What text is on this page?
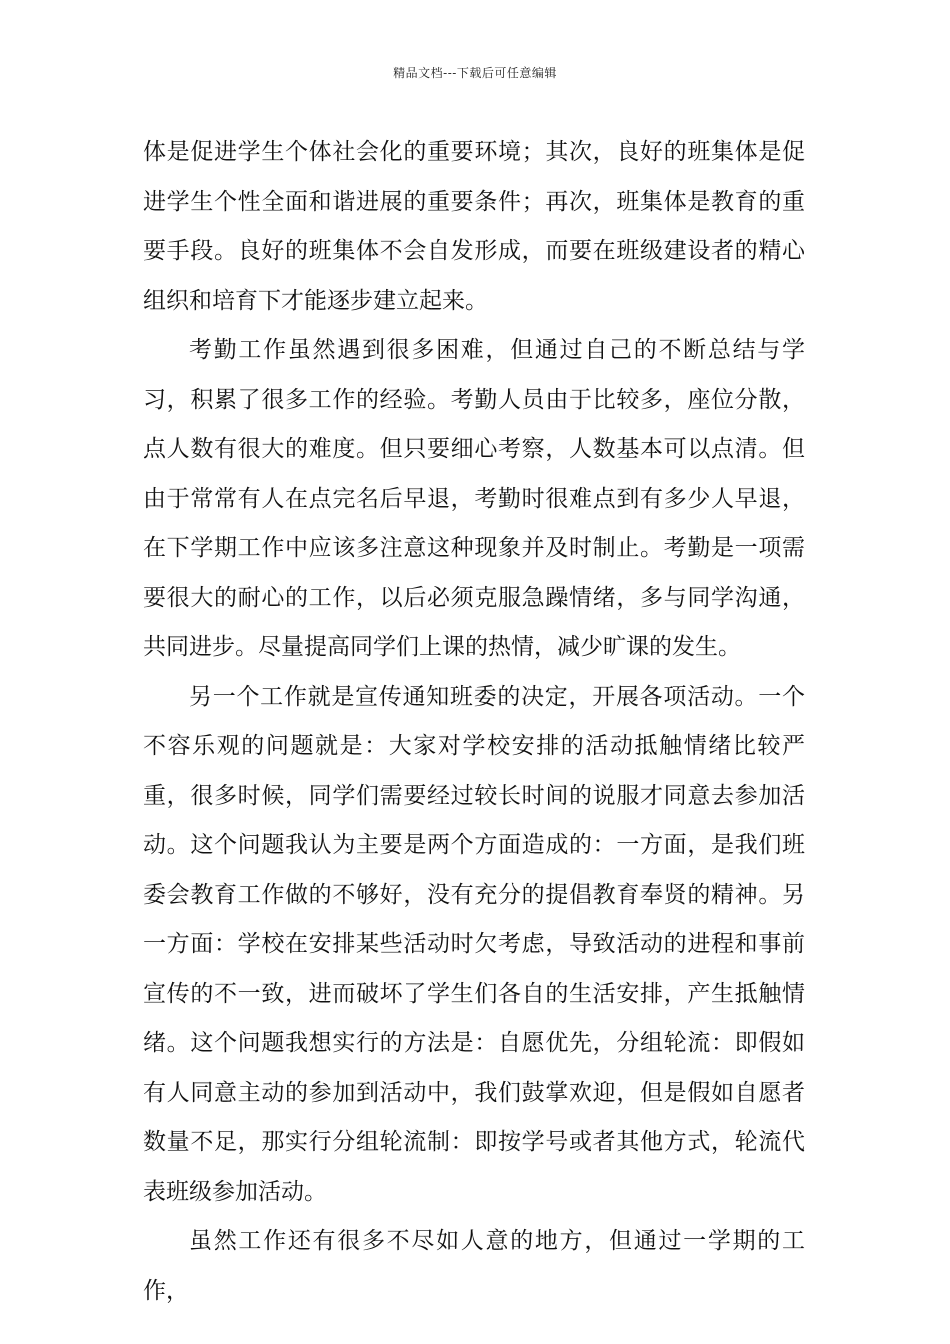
精品文档---下载后可任意编辑

体是促进学生个体社会化的重要环境；其次，良好的班集体是促进学生个性全面和谐进展的重要条件；再次，班集体是教育的重要手段。良好的班集体不会自发形成，而要在班级建设者的精心组织和培育下才能逐步建立起来。

考勤工作虽然遇到很多困难，但通过自己的不断总结与学习，积累了很多工作的经验。考勤人员由于比较多，座位分散，点人数有很大的难度。但只要细心考察，人数基本可以点清。但由于常常有人在点完名后早退，考勤时很难点到有多少人早退，在下学期工作中应该多注意这种现象并及时制止。考勤是一项需要很大的耐心的工作，以后必须克服急躁情绪，多与同学沟通，共同进步。尽量提高同学们上课的热情，减少旷课的发生。

另一个工作就是宣传通知班委的决定，开展各项活动。一个不容乐观的问题就是：大家对学校安排的活动抵触情绪比较严重，很多时候，同学们需要经过较长时间的说服才同意去参加活动。这个问题我认为主要是两个方面造成的：一方面，是我们班委会教育工作做的不够好，没有充分的提倡教育奉贤的精神。另一方面：学校在安排某些活动时欠考虑，导致活动的进程和事前宣传的不一致，进而破坏了学生们各自的生活安排，产生抵触情绪。这个问题我想实行的方法是：自愿优先，分组轮流：即假如有人同意主动的参加到活动中，我们鼓掌欢迎，但是假如自愿者数量不足，那实行分组轮流制：即按学号或者其他方式，轮流代表班级参加活动。

虽然工作还有很多不尽如人意的地方，但通过一学期的工作，
